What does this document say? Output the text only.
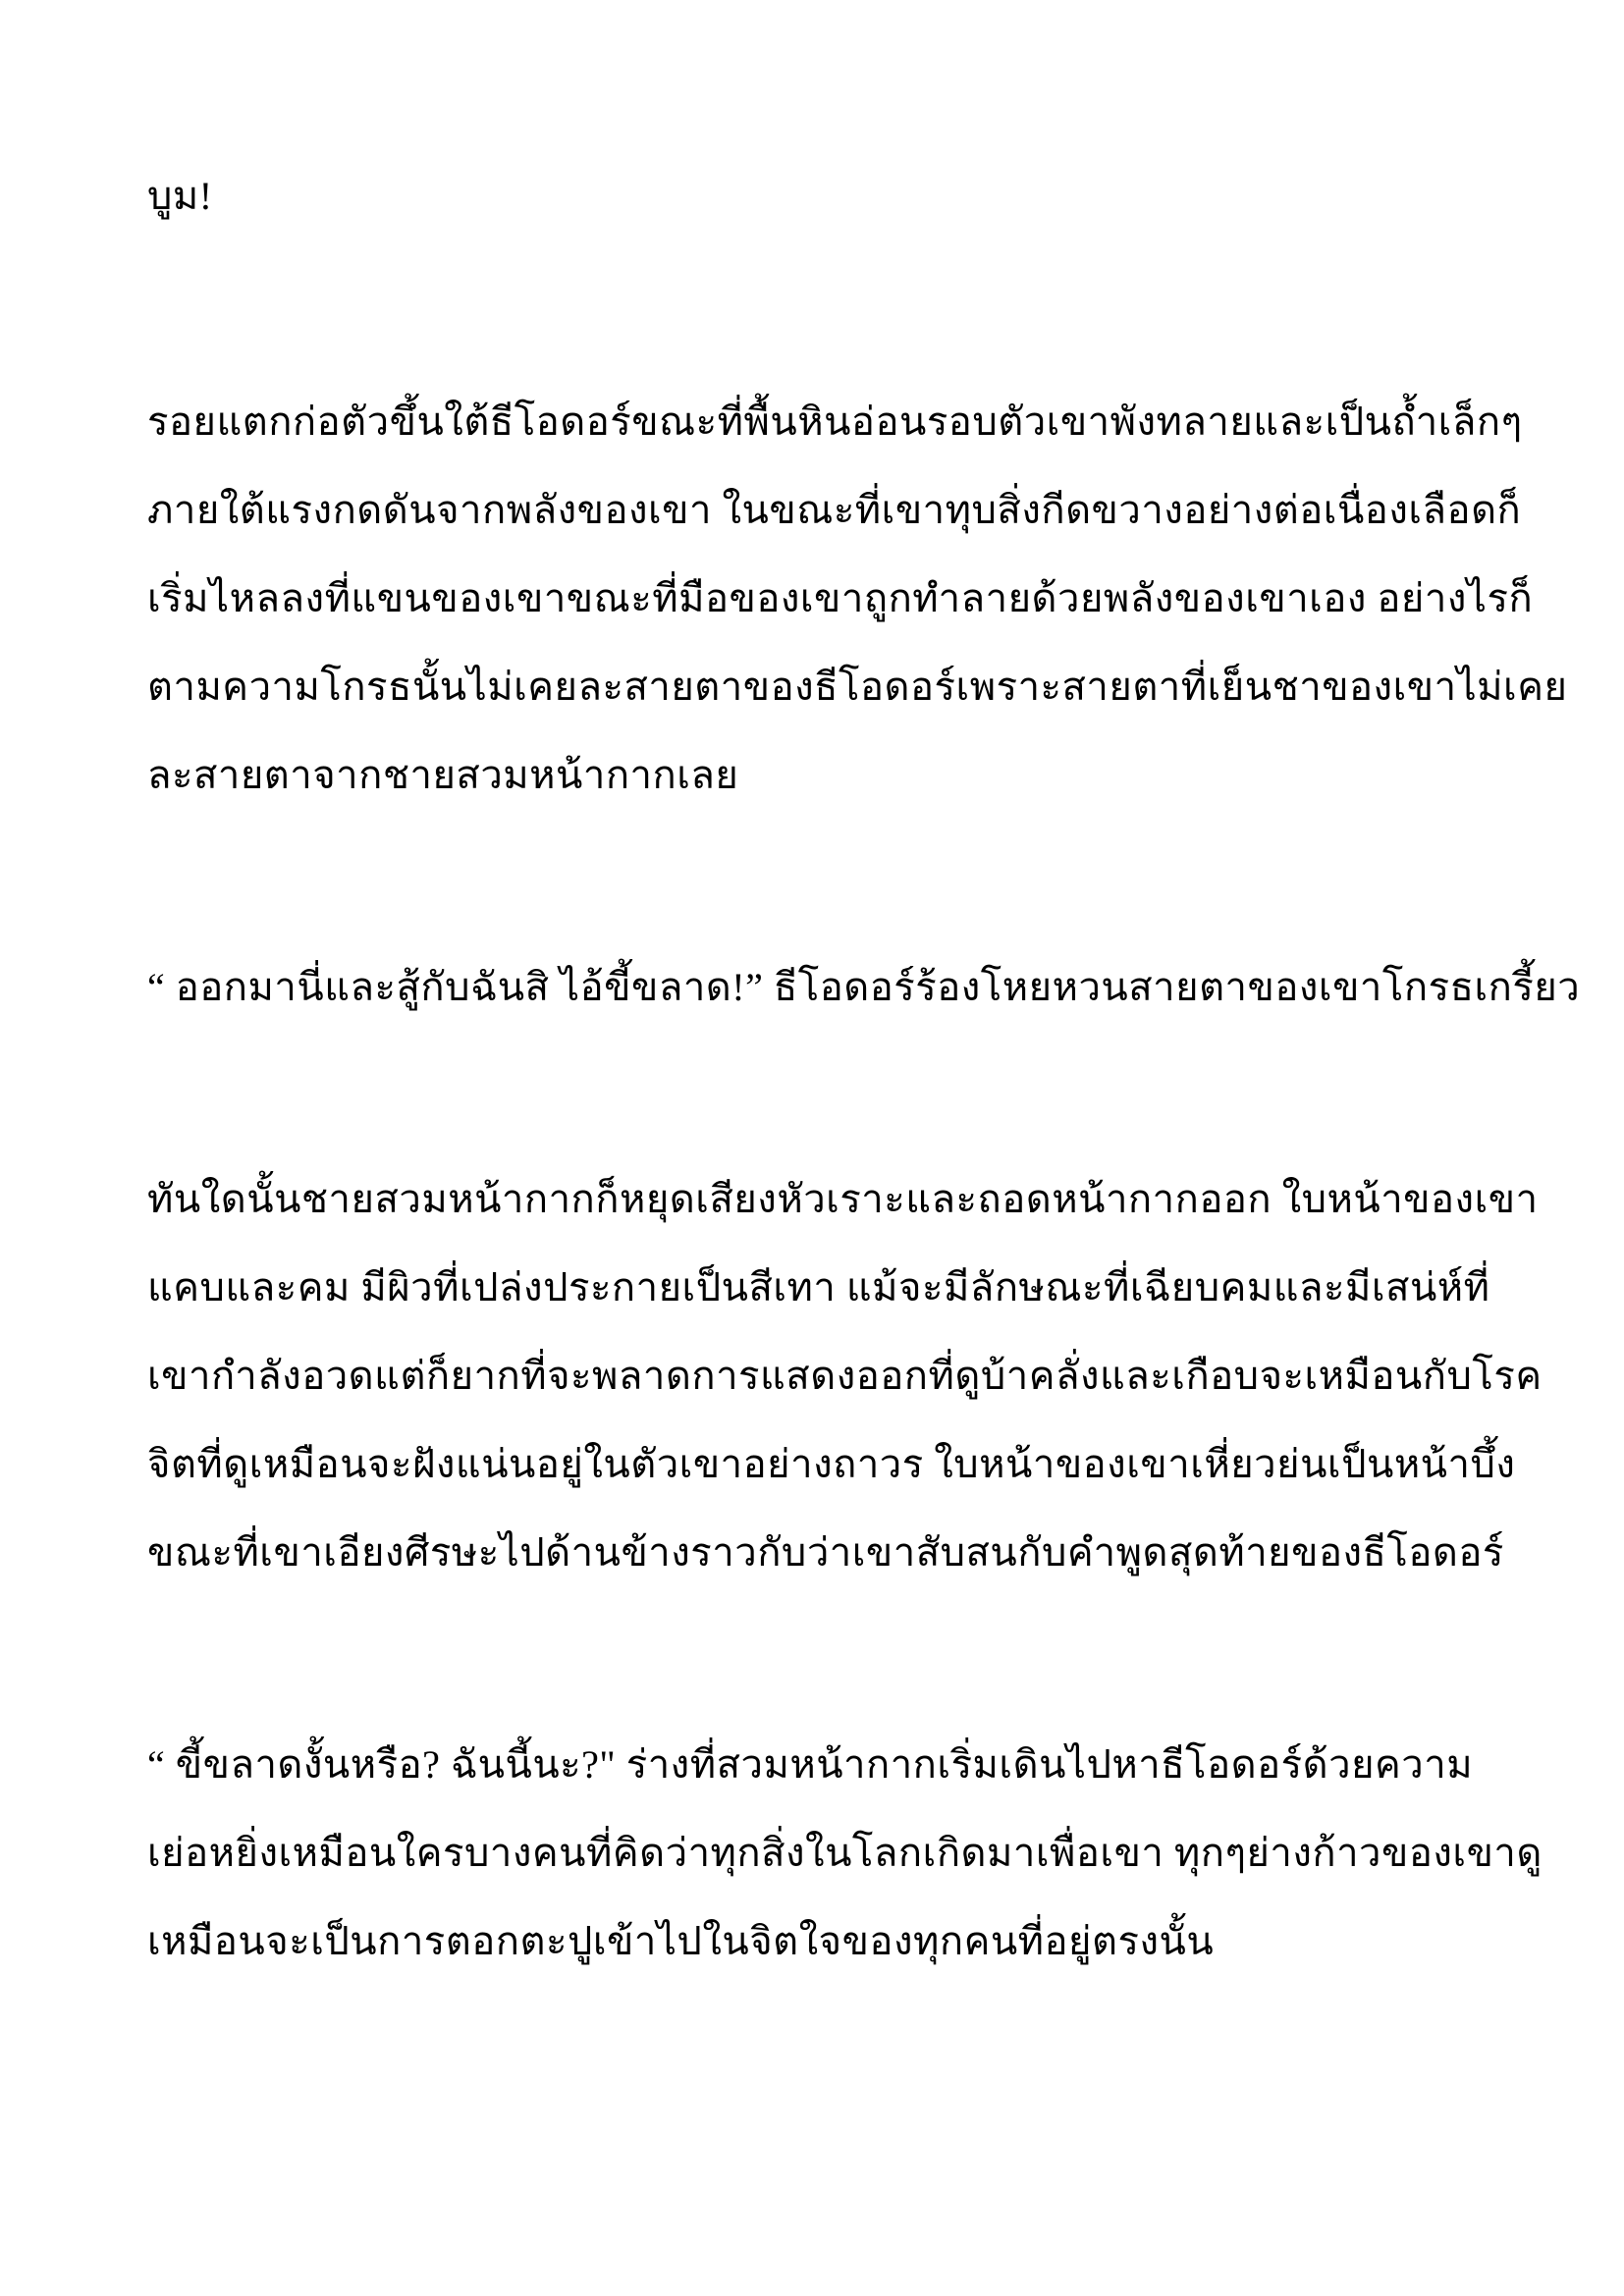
บูม!
รอยแตกก่อตัวขึ้นใต้ธีโอดอร์ขณะที่พื้นหินอ่อนรอบตัวเขาพังทลายและเป็นถ้ำเล็กๆ
ภายใต้แรงกดดันจากพลังของเขา ในขณะที่เขาทุบสิ่งกีดขวางอย่างต่อเนื่องเลือดก็
เริ่มไหลลงที่แขนของเขาขณะที่มือของเขาถูกทำลายด้วยพลังของเขาเอง อย่างไรก็
ตามความโกรธนั้นไม่เคยละสายตาของธีโอดอร์เพราะสายตาที่เย็นชาของเขาไม่เคย
ละสายตาจากชายสวมหน้ากากเลย
“ ออกมานี่และสู้กับฉันสิ ไอ้ขี้ขลาด!” ธีโอดอร์ร้องโหยหวนสายตาของเขาโกรธเกรี้ยว
ทันใดนั้นชายสวมหน้ากากก็หยุดเสียงหัวเราะและถอดหน้ากากออก ใบหน้าของเขา
แคบและคม มีผิวที่เปล่งประกายเป็นสีเทา แม้จะมีลักษณะที่เฉียบคมและมีเสน่ห์ที่
เขากำลังอวดแต่ก็ยากที่จะพลาดการแสดงออกที่ดูบ้าคลั่งและเกือบจะเหมือนกับโรค
จิตที่ดูเหมือนจะฝังแน่นอยู่ในตัวเขาอย่างถาวร ใบหน้าของเขาเหี่ยวย่นเป็นหน้าบึ้ง
ขณะที่เขาเอียงศีรษะไปด้านข้างราวกับว่าเขาสับสนกับคำพูดสุดท้ายของธีโอดอร์
“ ขี้ขลาดงั้นหรือ? ฉันนี้นะ?" ร่างที่สวมหน้ากากเริ่มเดินไปหาธีโอดอร์ด้วยความ
เย่อหยิ่งเหมือนใครบางคนที่คิดว่าทุกสิ่งในโลกเกิดมาเพื่อเขา ทุกๆย่างก้าวของเขาดู
เหมือนจะเป็นการตอกตะปูเข้าไปในจิตใจของทุกคนที่อยู่ตรงนั้น
